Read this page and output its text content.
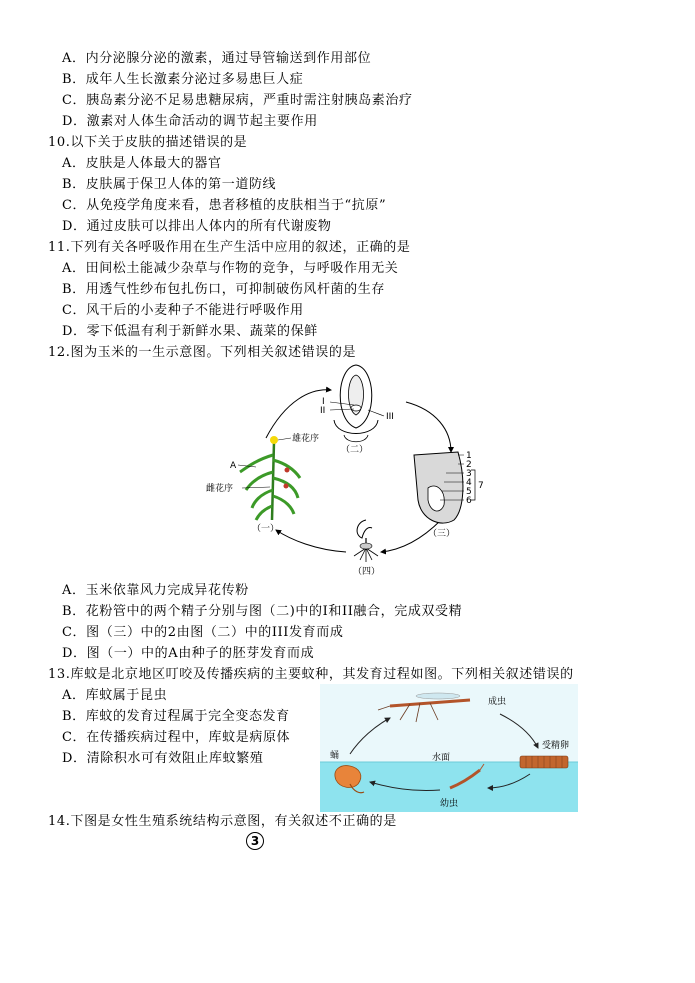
A．内分泌腺分泌的激素，通过导管输送到作用部位
B．成年人生长激素分泌过多易患巨人症
C．胰岛素分泌不足易患糖尿病，严重时需注射胰岛素治疗
D．激素对人体生命活动的调节起主要作用
10.以下关于皮肤的描述错误的是
A．皮肤是人体最大的器官
B．皮肤属于保卫人体的第一道防线
C．从免疫学角度来看，患者移植的皮肤相当于“抗原”
D．通过皮肤可以排出人体内的所有代谢废物
11.下列有关各呼吸作用在生产生活中应用的叙述，正确的是
A．田间松土能减少杂草与作物的竞争，与呼吸作用无关
B．用透气性纱布包扎伤口，可抑制破伤风杆菌的生存
C．风干后的小麦种子不能进行呼吸作用
D．零下低温有利于新鲜水果、蔬菜的保鲜
12.图为玉米的一生示意图。下列相关叙述错误的是
I
II
III
（二）
1
2
3
4
5
6
7
（三）
（四）
雄花序
雌花序
A
（一）
A．玉米依靠风力完成异花传粉
B．花粉管中的两个精子分别与图（二)中的Ⅰ和ⅠⅠ融合，完成双受精
C．图（三）中的2由图（二）中的ⅠⅠⅠ发育而成
D．图（一）中的A由种子的胚芽发育而成
13.库蚊是北京地区叮咬及传播疾病的主要蚊种，其发育过程如图。下列相关叙述错误的
A．库蚊属于昆虫
B．库蚊的发育过程属于完全变态发育
C．在传播疾病过程中，库蚊是病原体
D．清除积水可有效阻止库蚊繁殖
成虫
受精卵
蛹	水面
幼虫
14.下图是女性生殖系统结构示意图，有关叙述不正确的是
3
